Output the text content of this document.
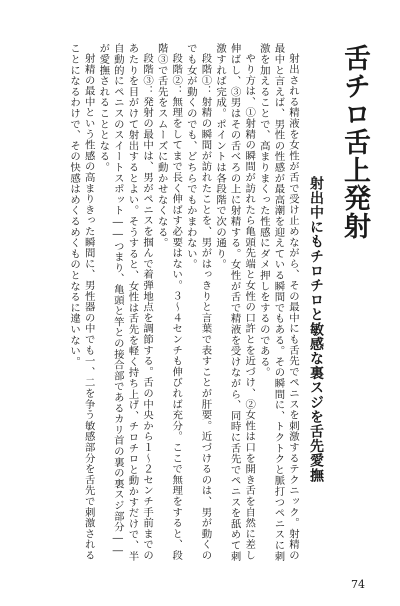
舌チロ舌上発射
射出中にもチロチロと敏感な裏スジを舌先愛撫

射出される精液を女性が舌で受け止めながら、その最中にも舌先でペニスを刺激するテクニック。射精の最中と言えば、男性の性感が最高潮を迎えている瞬間でもある。その瞬間に、トクトクと脈打つペニスに刺激を加えることで、高まりまくった性感にダメ押しをするのである。

やり方は、①射精の瞬間が訪れたら亀頭先端と女性の口許とを近づけ、②女性は口を開き舌を自然に差し伸ばし、③男はその舌べろの上に射精する。女性が舌で精液を受けながら、同時に舌先でペニスを舐めて刺激すれば完成。ポイントは各段階で次の通り。

段階①：射精の瞬間が訪れたことを、男がはっきりと言葉で表すことが肝要。近づけるのは、男が動くのでも女が動くのでも、どちらでもかまわない。

段階②：無理をしてまで長く伸ばす必要はない。３〜４センチも伸びれば充分。ここで無理をすると、段階③で舌先をスムーズに動かせなくなる。

段階③：発射の最中は、男がペニスを掴んで着弾地点を調節する。舌の中央から１〜２センチ手前までのあたりを目がけて射出するとよい。そうすると、女性は舌先を軽く持ち上げ、チロチロと動かすだけで、半自動的にペニスのスイートスポット――つまり、亀頭と竿との接合部であるカリ首の裏の裏スジ部分――が愛撫されることとなる。

射精の最中という性感の高まりきった瞬間に、男性器の中でも一、二を争う敏感部分を舌先で刺激されることになるわけで、その快感はめくるめくものとなるに違いない。

74
